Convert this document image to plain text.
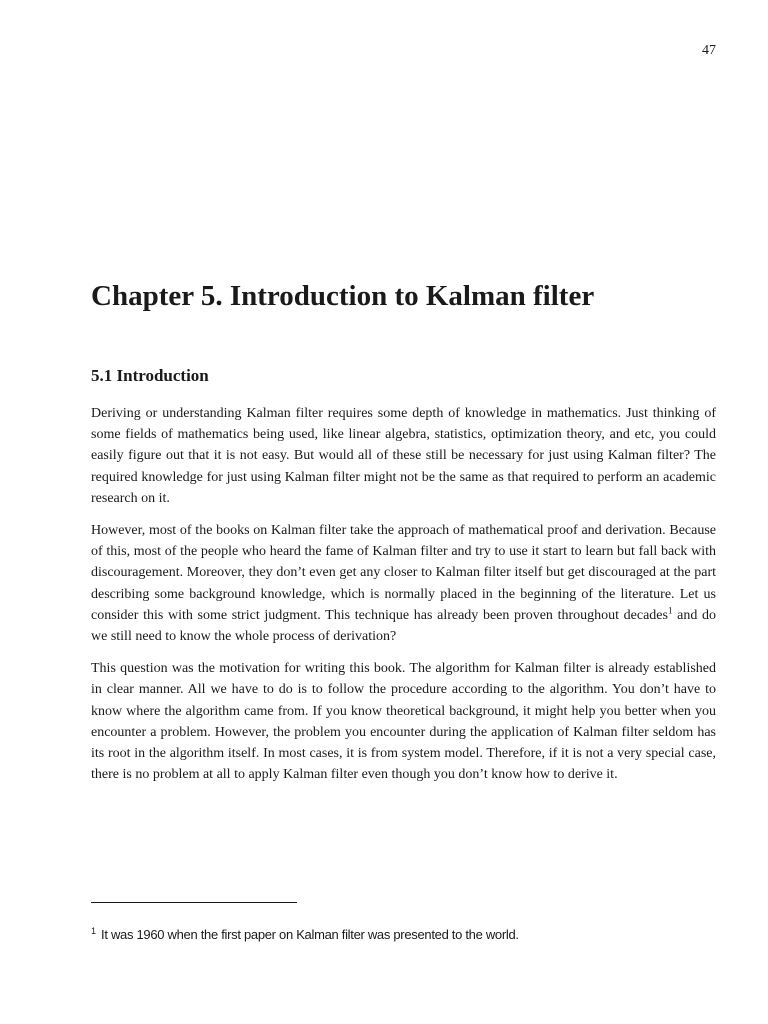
47
Chapter 5. Introduction to Kalman filter
5.1 Introduction

Deriving or understanding Kalman filter requires some depth of knowledge in mathematics. Just thinking of some fields of mathematics being used, like linear algebra, statistics, optimization theory, and etc, you could easily figure out that it is not easy. But would all of these still be necessary for just using Kalman filter? The required knowledge for just using Kalman filter might not be the same as that required to perform an academic research on it.

However, most of the books on Kalman filter take the approach of mathematical proof and derivation. Because of this, most of the people who heard the fame of Kalman filter and try to use it start to learn but fall back with discouragement. Moreover, they don’t even get any closer to Kalman filter itself but get discouraged at the part describing some background knowledge, which is normally placed in the beginning of the literature. Let us consider this with some strict judgment. This technique has already been proven throughout decades$^1$ and do we still need to know the whole process of derivation?

This question was the motivation for writing this book. The algorithm for Kalman filter is already established in clear manner. All we have to do is to follow the procedure according to the algorithm. You don’t have to know where the algorithm came from. If you know theoretical background, it might help you better when you encounter a problem. However, the problem you encounter during the application of Kalman filter seldom has its root in the algorithm itself. In most cases, it is from system model. Therefore, if it is not a very special case, there is no problem at all to apply Kalman filter even though you don’t know how to derive it.

$^1$ It was 1960 when the first paper on Kalman filter was presented to the world.
